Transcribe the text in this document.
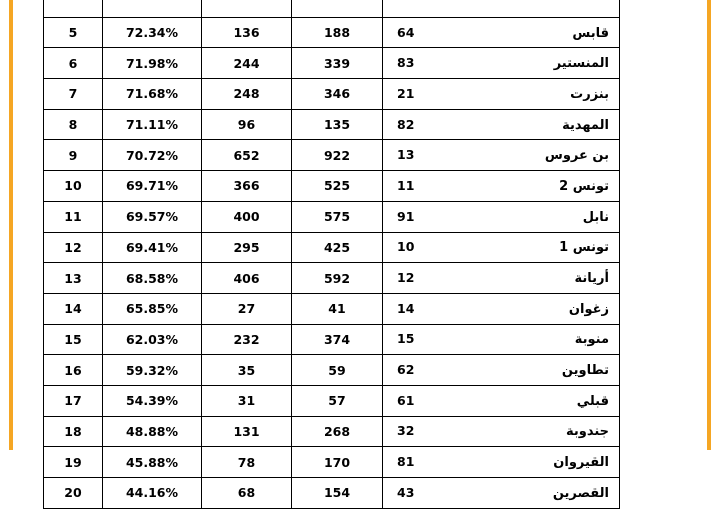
5	72.34%	136	188	64 قابس
6	71.98%	244	339	83 المنستير
7	71.68%	248	346	21 بنزرت
8	71.11%	96	135	82 المهدية
9	70.72%	652	922	13 بن عروس
10	69.71%	366	525	11 تونس 2
11	69.57%	400	575	91 نابل
12	69.41%	295	425	10 تونس 1
13	68.58%	406	592	12 أريانة
14	65.85%	27	41	14 زغوان
15	62.03%	232	374	15 منوبة
16	59.32%	35	59	62 تطاوين
17	54.39%	31	57	61 قبلي
18	48.88%	131	268	32 جندوبة
19	45.88%	78	170	81 القيروان
20	44.16%	68	154	43 القصرين
